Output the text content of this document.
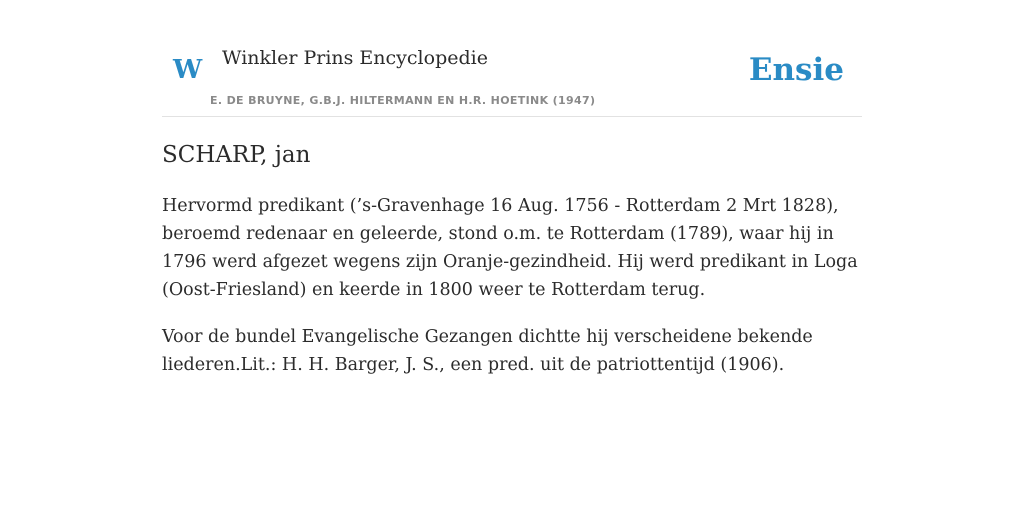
W Winkler Prins Encyclopedie
E. DE BRUYNE, G.B.J. HILTERMANN EN H.R. HOETINK (1947)
Ensie
SCHARP, jan

Hervormd predikant (’s-Gravenhage 16 Aug. 1756 - Rotterdam 2 Mrt 1828), beroemd redenaar en geleerde, stond o.m. te Rotterdam (1789), waar hij in 1796 werd afgezet wegens zijn Oranje-gezindheid. Hij werd predikant in Loga (Oost-Friesland) en keerde in 1800 weer te Rotterdam terug.

Voor de bundel Evangelische Gezangen dichtte hij verscheidene bekende liederen.Lit.: H. H. Barger, J. S., een pred. uit de patriottentijd (1906).
